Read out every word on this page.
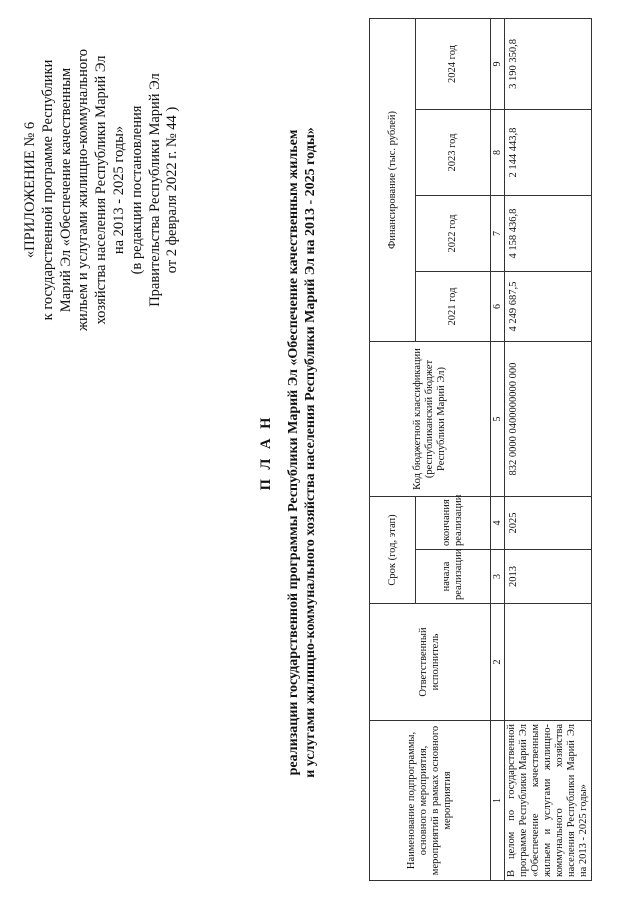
«ПРИЛОЖЕНИЕ № 6 к государственной программе Республики Марий Эл «Обеспечение качественным жильем и услугами жилищно-коммунального хозяйства населения Республики Марий Эл на 2013 - 2025 годы» (в редакции постановления Правительства Республики Марий Эл от 2 февраля 2022 г. № 44 )
П Л А Н реализации государственной программы Республики Марий Эл «Обеспечение качественным жильем и услугами жилищно-коммунального хозяйства населения Республики Марий Эл на 2013 - 2025 годы»
Наименование подпрограммы, основного мероприятия, мероприятий в рамках основного мероприятия	Ответственный исполнитель	Срок (год, этап)		Код бюджетной классификации (республиканский бюджет Республики Марий Эл)	Финансирование (тыс. рублей)			
		начала реализации	окончания реализации		2021 год	2022 год	2023 год	2024 год
1	2	3	4	5	6	7	8	9
В целом по государственной программе Республики Марий Эл «Обеспечение качественным жильем и услугами жилищно-коммунального хозяйства населения Республики Марий Эл на 2013 - 2025 годы»		2013	2025	832 0000 0400000000 000	4 249 687,5	4 158 436,8	2 144 443,8	3 190 350,8
